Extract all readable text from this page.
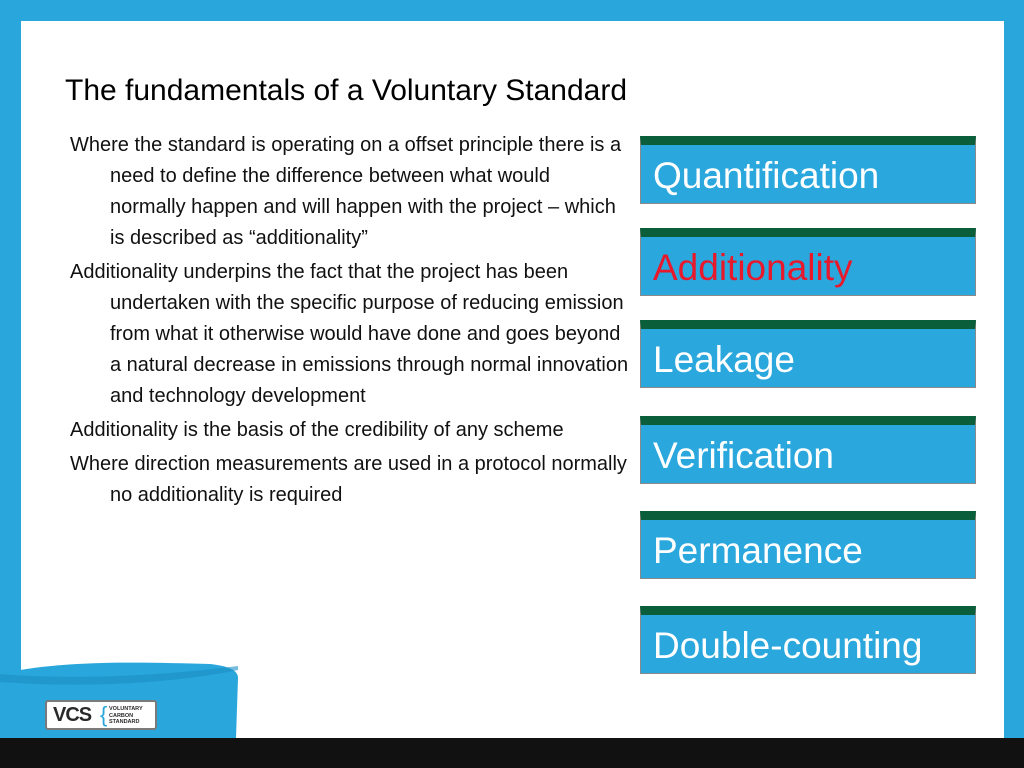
The fundamentals of a Voluntary Standard
Where the standard is operating on a offset principle there is a need to define the difference between what would normally happen and will happen with the project – which is described as “additionality”
Additionality underpins the fact that the project has been undertaken with the specific purpose of reducing emission from what it otherwise would have done and goes beyond a natural decrease in emissions through normal innovation and technology development
Additionality is the basis of the credibility of any scheme
Where direction measurements are used in a protocol normally no additionality is required
Quantification
Additionality
Leakage
Verification
Permanence
Double-counting
VCS { VOLUNTARY
CARBON
STANDARD
